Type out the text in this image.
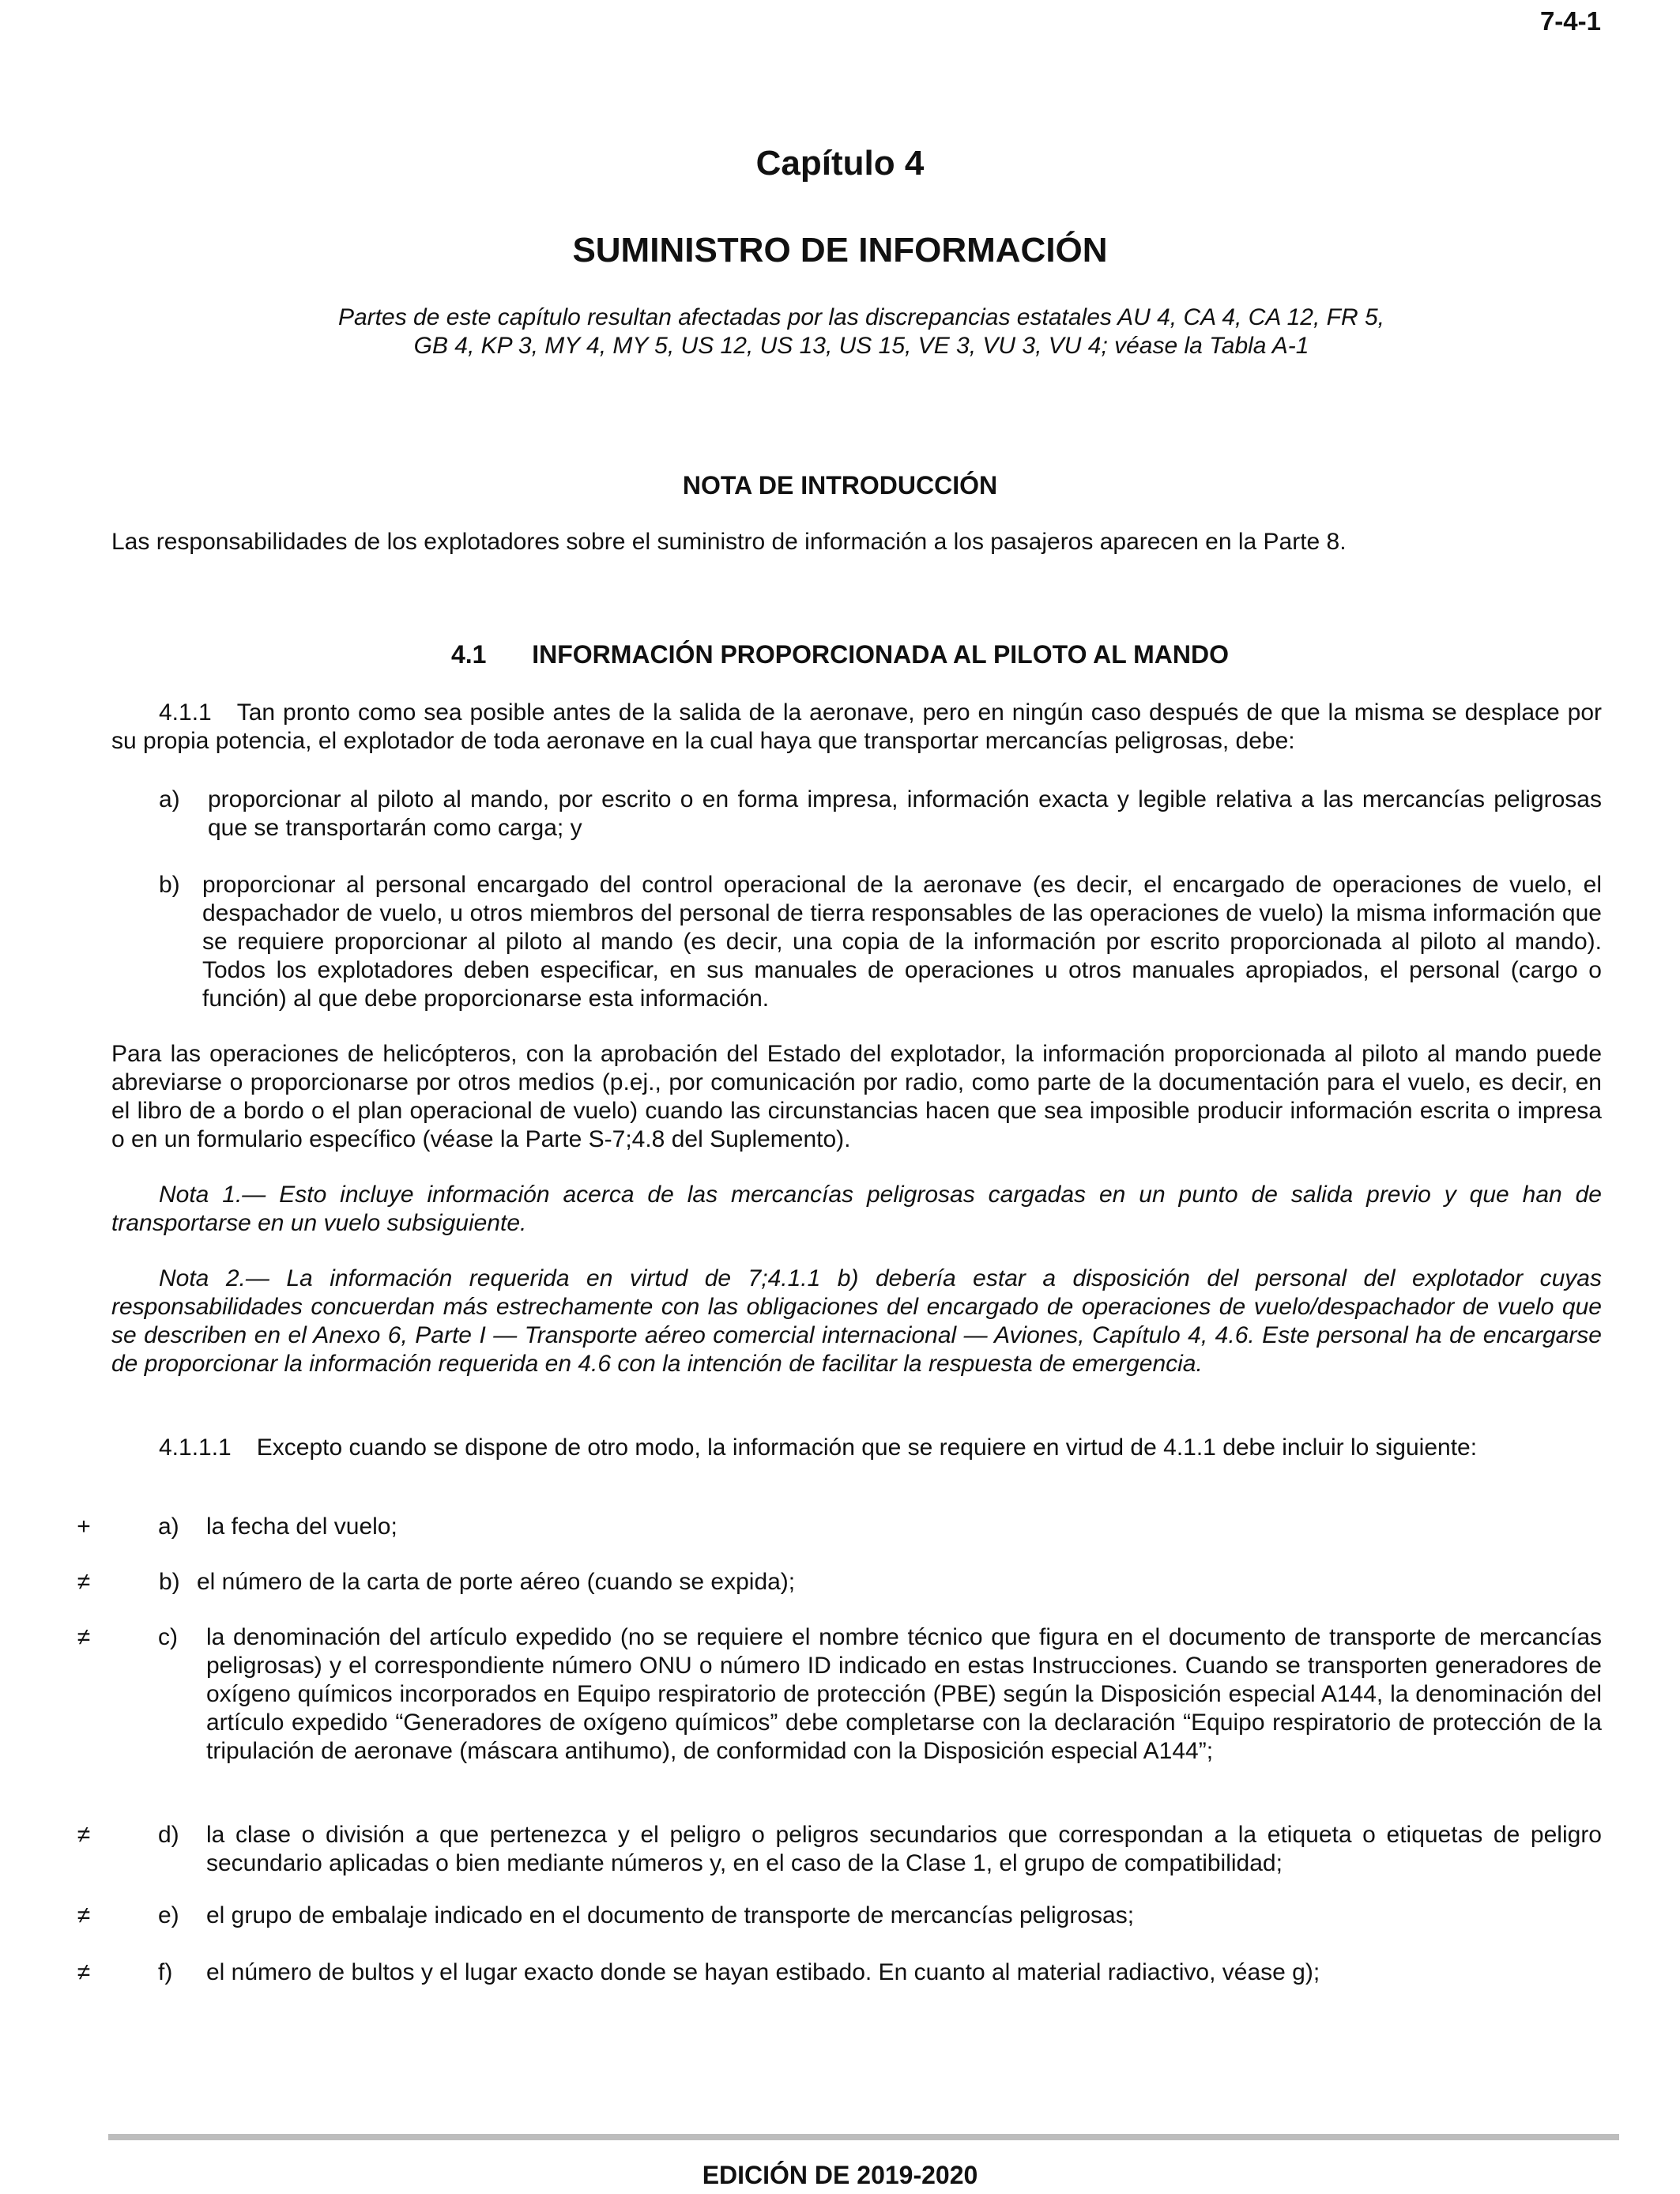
7-4-1
Capítulo 4
SUMINISTRO DE INFORMACIÓN
Partes de este capítulo resultan afectadas por las discrepancias estatales AU 4, CA 4, CA 12, FR 5,
GB 4, KP 3, MY 4, MY 5, US 12, US 13, US 15, VE 3, VU 3, VU 4; véase la Tabla A-1
NOTA DE INTRODUCCIÓN
Las responsabilidades de los explotadores sobre el suministro de información a los pasajeros aparecen en la Parte 8.
4.1 INFORMACIÓN PROPORCIONADA AL PILOTO AL MANDO
4.1.1 Tan pronto como sea posible antes de la salida de la aeronave, pero en ningún caso después de que la misma se desplace por su propia potencia, el explotador de toda aeronave en la cual haya que transportar mercancías peligrosas, debe:
a) proporcionar al piloto al mando, por escrito o en forma impresa, información exacta y legible relativa a las mercancías peligrosas que se transportarán como carga; y
b) proporcionar al personal encargado del control operacional de la aeronave (es decir, el encargado de operaciones de vuelo, el despachador de vuelo, u otros miembros del personal de tierra responsables de las operaciones de vuelo) la misma información que se requiere proporcionar al piloto al mando (es decir, una copia de la información por escrito proporcionada al piloto al mando). Todos los explotadores deben especificar, en sus manuales de operaciones u otros manuales apropiados, el personal (cargo o función) al que debe proporcionarse esta información.
Para las operaciones de helicópteros, con la aprobación del Estado del explotador, la información proporcionada al piloto al mando puede abreviarse o proporcionarse por otros medios (p.ej., por comunicación por radio, como parte de la documentación para el vuelo, es decir, en el libro de a bordo o el plan operacional de vuelo) cuando las circunstancias hacen que sea imposible producir información escrita o impresa o en un formulario específico (véase la Parte S-7;4.8 del Suplemento).
Nota 1.— Esto incluye información acerca de las mercancías peligrosas cargadas en un punto de salida previo y que han de transportarse en un vuelo subsiguiente.
Nota 2.— La información requerida en virtud de 7;4.1.1 b) debería estar a disposición del personal del explotador cuyas responsabilidades concuerdan más estrechamente con las obligaciones del encargado de operaciones de vuelo/despachador de vuelo que se describen en el Anexo 6, Parte I — Transporte aéreo comercial internacional — Aviones, Capítulo 4, 4.6. Este personal ha de encargarse de proporcionar la información requerida en 4.6 con la intención de facilitar la respuesta de emergencia.
4.1.1.1 Excepto cuando se dispone de otro modo, la información que se requiere en virtud de 4.1.1 debe incluir lo siguiente:
+	a) la fecha del vuelo;
≠	b) el número de la carta de porte aéreo (cuando se expida);
≠	c) la denominación del artículo expedido (no se requiere el nombre técnico que figura en el documento de transporte de mercancías peligrosas) y el correspondiente número ONU o número ID indicado en estas Instrucciones. Cuando se transporten generadores de oxígeno químicos incorporados en Equipo respiratorio de protección (PBE) según la Disposición especial A144, la denominación del artículo expedido “Generadores de oxígeno químicos” debe completarse con la declaración “Equipo respiratorio de protección de la tripulación de aeronave (máscara antihumo), de conformidad con la Disposición especial A144”;
≠	d) la clase o división a que pertenezca y el peligro o peligros secundarios que correspondan a la etiqueta o etiquetas de peligro secundario aplicadas o bien mediante números y, en el caso de la Clase 1, el grupo de compatibilidad;
≠	e) el grupo de embalaje indicado en el documento de transporte de mercancías peligrosas;
≠	f) el número de bultos y el lugar exacto donde se hayan estibado. En cuanto al material radiactivo, véase g);
EDICIÓN DE 2019-2020
